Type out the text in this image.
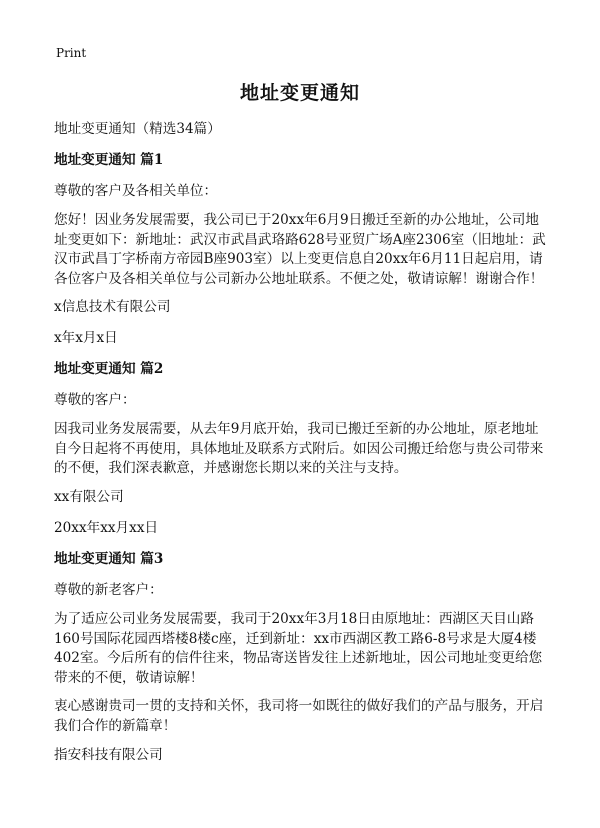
Print
地址变更通知

地址变更通知（精选34篇）

地址变更通知 篇1

尊敬的客户及各相关单位：

您好！因业务发展需要，我公司已于20xx年6月9日搬迁至新的办公地址，公司地址变更如下：新地址：武汉市武昌武珞路628号亚贸广场A座2306室（旧地址：武汉市武昌丁字桥南方帝园B座903室）以上变更信息自20xx年6月11日起启用，请各位客户及各相关单位与公司新办公地址联系。不便之处，敬请谅解！谢谢合作！

x信息技术有限公司

x年x月x日

地址变更通知 篇2

尊敬的客户：

因我司业务发展需要，从去年9月底开始，我司已搬迁至新的办公地址，原老地址自今日起将不再使用，具体地址及联系方式附后。如因公司搬迁给您与贵公司带来的不便，我们深表歉意，并感谢您长期以来的关注与支持。

xx有限公司

20xx年xx月xx日

地址变更通知 篇3

尊敬的新老客户：

为了适应公司业务发展需要，我司于20xx年3月18日由原地址：西湖区天目山路160号国际花园西塔楼8楼c座，迁到新址：xx市西湖区教工路6-8号求是大厦4楼402室。今后所有的信件往来，物品寄送皆发往上述新地址，因公司地址变更给您带来的不便，敬请谅解！

衷心感谢贵司一贯的支持和关怀，我司将一如既往的做好我们的产品与服务，开启我们合作的新篇章！

指安科技有限公司
